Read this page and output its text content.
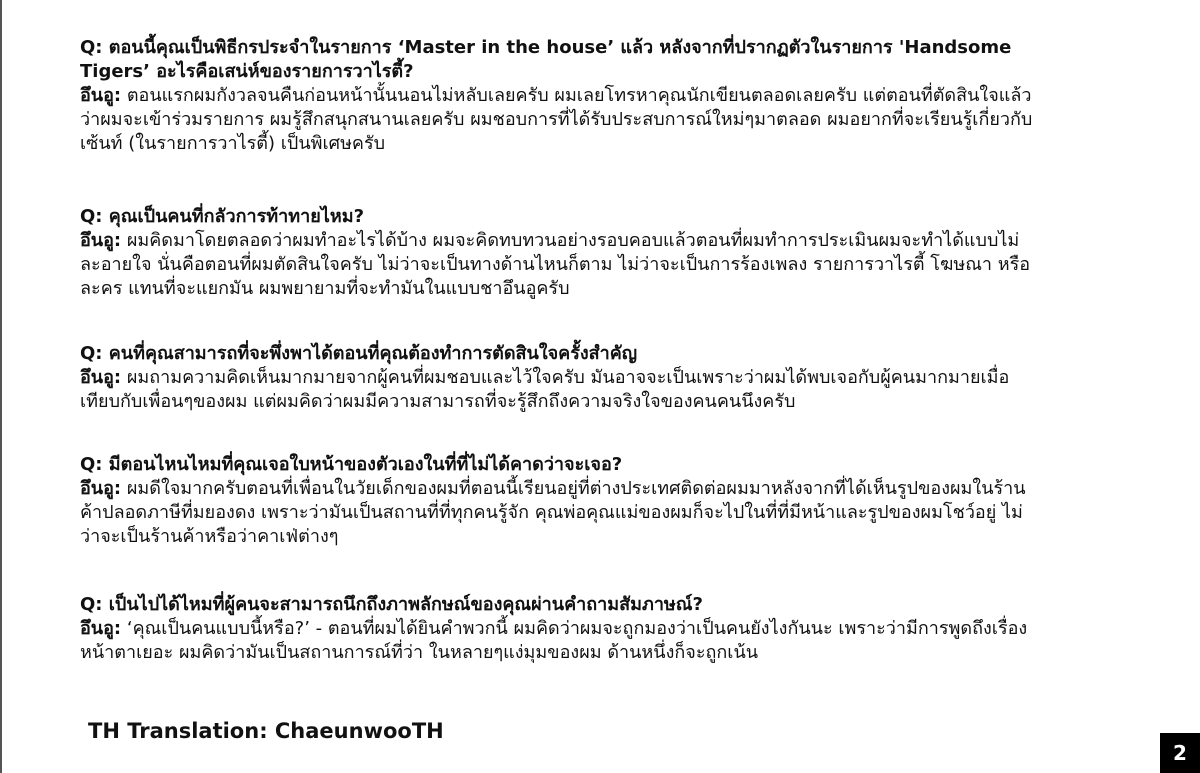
Q: ตอนนี้คุณเป็นพิธีกรประจำในรายการ ‘Master in the house’ แล้ว หลังจากที่ปรากฏตัวในรายการ 'Handsome
Tigers’ อะไรคือเสน่ห์ของรายการวาไรตี้?
อึนอู: ตอนแรกผมกังวลจนคืนก่อนหน้านั้นนอนไม่หลับเลยครับ ผมเลยโทรหาคุณนักเขียนตลอดเลยครับ แต่ตอนที่ตัดสินใจแล้ว
ว่าผมจะเข้าร่วมรายการ ผมรู้สึกสนุกสนานเลยครับ ผมชอบการที่ได้รับประสบการณ์ใหม่ๆมาตลอด ผมอยากที่จะเรียนรู้เกี่ยวกับ
เซ้นท์ (ในรายการวาไรตี้) เป็นพิเศษครับ
Q: คุณเป็นคนที่กลัวการท้าทายไหม?
อึนอู: ผมคิดมาโดยตลอดว่าผมทำอะไรได้บ้าง ผมจะคิดทบทวนอย่างรอบคอบแล้วตอนที่ผมทำการประเมินผมจะทำได้แบบไม่
ละอายใจ นั่นคือตอนที่ผมตัดสินใจครับ ไม่ว่าจะเป็นทางด้านไหนก็ตาม ไม่ว่าจะเป็นการร้องเพลง รายการวาไรตี้ โฆษณา หรือ
ละคร แทนที่จะแยกมัน ผมพยายามที่จะทำมันในแบบชาอึนอูครับ
Q: คนที่คุณสามารถที่จะพึ่งพาได้ตอนที่คุณต้องทำการตัดสินใจครั้งสำคัญ
อึนอู: ผมถามความคิดเห็นมากมายจากผู้คนที่ผมชอบและไว้ใจครับ มันอาจจะเป็นเพราะว่าผมได้พบเจอกับผู้คนมากมายเมื่อ
เทียบกับเพื่อนๆของผม แต่ผมคิดว่าผมมีความสามารถที่จะรู้สึกถึงความจริงใจของคนคนนึงครับ
Q: มีตอนไหนไหมที่คุณเจอใบหน้าของตัวเองในที่ที่ไม่ได้คาดว่าจะเจอ?
อึนอู: ผมดีใจมากครับตอนที่เพื่อนในวัยเด็กของผมที่ตอนนี้เรียนอยู่ที่ต่างประเทศติดต่อผมมาหลังจากที่ได้เห็นรูปของผมในร้าน
ค้าปลอดภาษีที่มยองดง เพราะว่ามันเป็นสถานที่ที่ทุกคนรู้จัก คุณพ่อคุณแม่ของผมก็จะไปในที่ที่มีหน้าและรูปของผมโชว์อยู่ ไม่
ว่าจะเป็นร้านค้าหรือว่าคาเฟ่ต่างๆ
Q: เป็นไปได้ไหมที่ผู้คนจะสามารถนึกถึงภาพลักษณ์ของคุณผ่านคำถามสัมภาษณ์?
อึนอู: ‘คุณเป็นคนแบบนี้หรือ?’ - ตอนที่ผมได้ยินคำพวกนี้ ผมคิดว่าผมจะถูกมองว่าเป็นคนยังไงกันนะ เพราะว่ามีการพูดถึงเรื่อง
หน้าตาเยอะ ผมคิดว่ามันเป็นสถานการณ์ที่ว่า ในหลายๆแง่มุมของผม ด้านหนึ่งก็จะถูกเน้น
TH Translation: ChaeunwooTH
2
